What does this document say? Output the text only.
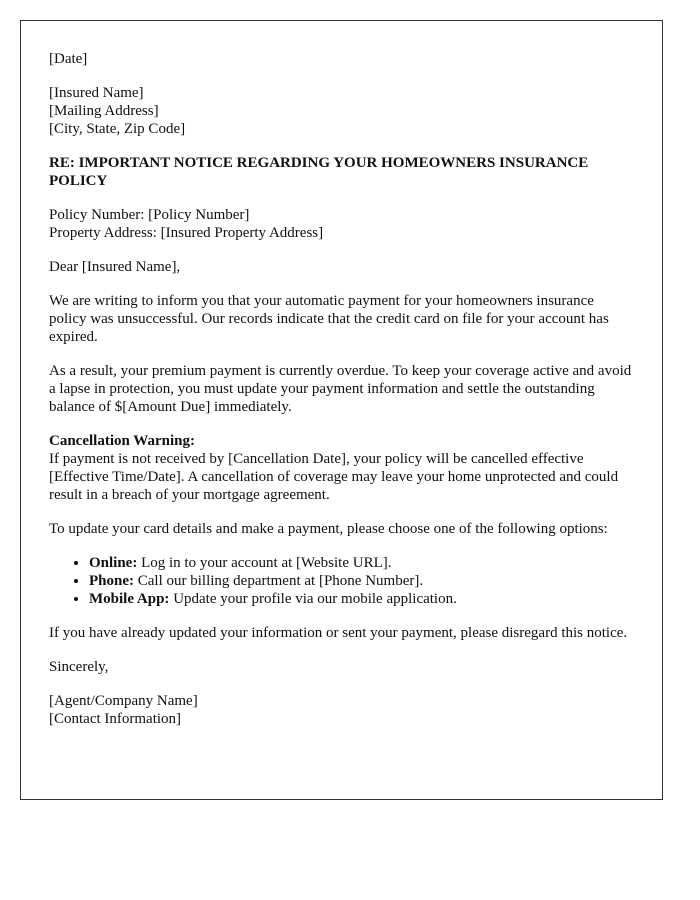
[Date]

[Insured Name]
[Mailing Address]
[City, State, Zip Code]

RE: IMPORTANT NOTICE REGARDING YOUR HOMEOWNERS INSURANCE POLICY

Policy Number: [Policy Number]
Property Address: [Insured Property Address]

Dear [Insured Name],

We are writing to inform you that your automatic payment for your homeowners insurance policy was unsuccessful. Our records indicate that the credit card on file for your account has expired.

As a result, your premium payment is currently overdue. To keep your coverage active and avoid a lapse in protection, you must update your payment information and settle the outstanding balance of $[Amount Due] immediately.

Cancellation Warning:
If payment is not received by [Cancellation Date], your policy will be cancelled effective [Effective Time/Date]. A cancellation of coverage may leave your home unprotected and could result in a breach of your mortgage agreement.

To update your card details and make a payment, please choose one of the following options:

• Online: Log in to your account at [Website URL].
• Phone: Call our billing department at [Phone Number].
• Mobile App: Update your profile via our mobile application.

If you have already updated your information or sent your payment, please disregard this notice.

Sincerely,

[Agent/Company Name]
[Contact Information]
